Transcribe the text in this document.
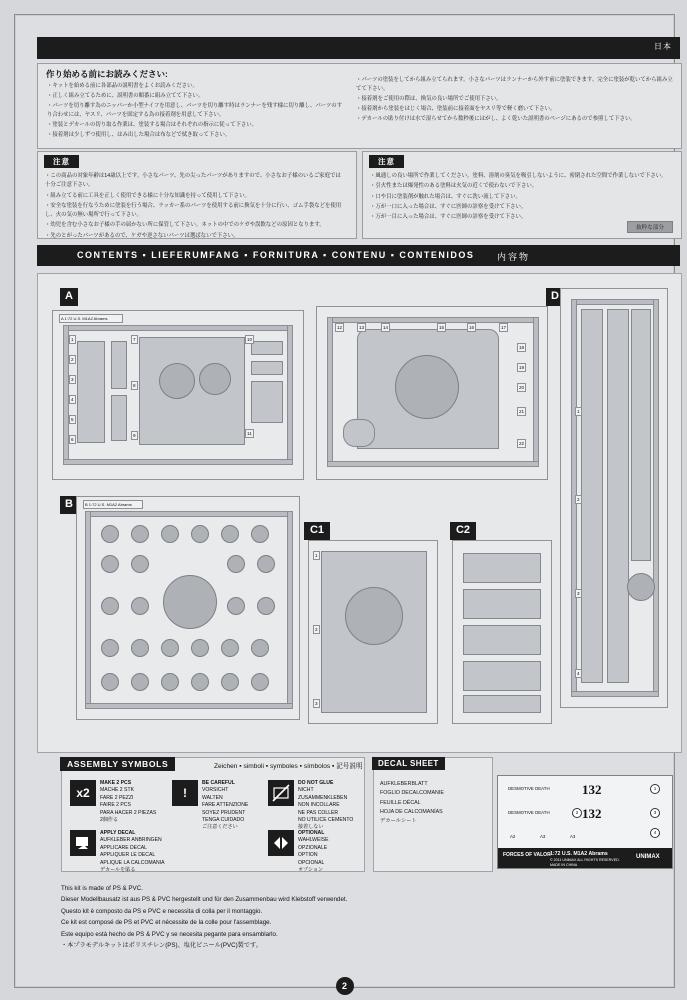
日本
作り始める前にお読みください:

・キットを始める前に各部品の説明書をよくお読みください。

・正しく組み立てるために、説明書の順番に組み立てて下さい。

・パーツを切り離す為のニッパーか小型ナイフを用意し、パーツを切り離す時はランナーを残す様に切り離し、パーツのすり合わせには、ヤスリ、パーツを固定する為の接着剤を用意して下さい。

・塗装とデカールの切り取る作業は、塗装する場合はそれぞれの指示に従って下さい。

・接着剤は少しずつ使用し、はみ出した場合は布などで拭き取って下さい。

・パーツの塗装をしてから組み立てられます。小さなパーツはランナーから外す前に塗装できます。完全に塗装が乾いてから組み立てて下さい。

・接着剤をご使用の際は、換気の良い場所でご使用下さい。

・接着剤から塗装をはじく場合、塗装前に接着面をヤスリ等で軽く磨いて下さい。

・デカールの貼り付けは水で湿らせてから数秒後にはがし、よく乾いた説明書のページにあるので参照して下さい。

注意

・この商品の対象年齢は14歳以上です。小さなパーツ、先の尖ったパーツがありますので、小さなお子様のいるご家庭では十分ご注意下さい。

・組み立てる前に工具を正しく使用できる様に十分な知識を持って使用して下さい。

・安全な塗装を行なうために塗装を行う場合、ラッカー系のパーツを使用する前に換気を十分に行い、ゴム手袋などを使用し、火の気の無い場所で行って下さい。

・幼児を含む小さなお子様の手の届かない所に保管して下さい。ネットの中でのケガや誤飲などの原因となります。

・先のとがったパーツがあるので、ケガや逆さないパーツは選ばないで下さい。

注意

・風通しの良い場所で作業してください。塗料、溶剤の臭気を吸引しないように、密閉された空間で作業しないで下さい。

・引火性または爆発性のある塗料は火気の近くで使わないで下さい。

・口や目に塗装剤が触れた場合は、すぐに洗い流して下さい。

・万が一口に入った場合は、すぐに医師の診察を受けて下さい。

・万が一目に入った場合は、すぐに医師の診察を受けて下さい。

抜粋な部分
CONTENTS ▪ LIEFERUMFANG ▪ FORNITURA ▪ CONTENU ▪ CONTENIDOS	内容物
A
A 1:72 U.S. M1A2 Abrams
1
2
3
4
5
6
7
8
9
10
11
12	13	14	15	16	17
18
19
20
21
22
D
1
2
3
4
B	B 1:72 U.S. M1A2 Abrams
C1
1
2
3
C2
ASSEMBLY SYMBOLS	Zeichen ▪ simboli ▪ symboles ▪ símbolos ▪ 記号説明
x2
MAKE 2 PCS
MACHE 2 STK
FARE 2 PEZZI
FAIRE 2 PCS
PARA HACER 2 PIEZAS
2個作る
!
BE CAREFUL
VORSICHT
WALTEN
FARE ATTENZIONE
SOYEZ PRUDENT
TENGA CUIDADO
ご注意ください
DO NOT GLUE
NICHT ZUSAMMENKLEBEN
NON INCOLLARE
NE PAS COLLER
NO UTILICE CEMENTO
接着しない
APPLY DECAL
AUFKLEBER ANBRINGEN
APPLICARE DECAL
APPLIQUER LE DECAL
APLIQUE LA CALCOMANIA
デカールを貼る
OPTIONAL
WAHLWEISE
OPZIONALE
OPTION
OPCIONAL
オプション
DECAL SHEET
AUFKLEBERBLATT
FOGLIO DECALCOMANIE
FEUILLE DÉCAL
HOJA DE CALCOMANÍAS
デカールシート
DESMOTIVE DEATH
DESMOTIVE DEATH
132
132
1
2	3
4
A2	A3	A3
FORCES OF VALOR 1:72 U.S. M1A2 Abrams
© 2011 UNIMAX ALL RIGHTS RESERVED.
MADE IN CHINA
UNIMAX
This kit is made of PS & PVC.
Dieser Modellbausatz ist aus PS & PVC hergestellt und für den Zusammenbau wird Klebstoff verwendet.
Questo kit è composto da PS e PVC e necessita di colla per il montaggio.
Ce kit est composé de PS et PVC et nécessite de la colle pour l'assemblage.
Este equipo está hecho de PS & PVC y se necesita pegante para ensamblarlo.
・本プラモデルキットはポリスチレン(PS)、塩化ビニール(PVC)製です。
2
